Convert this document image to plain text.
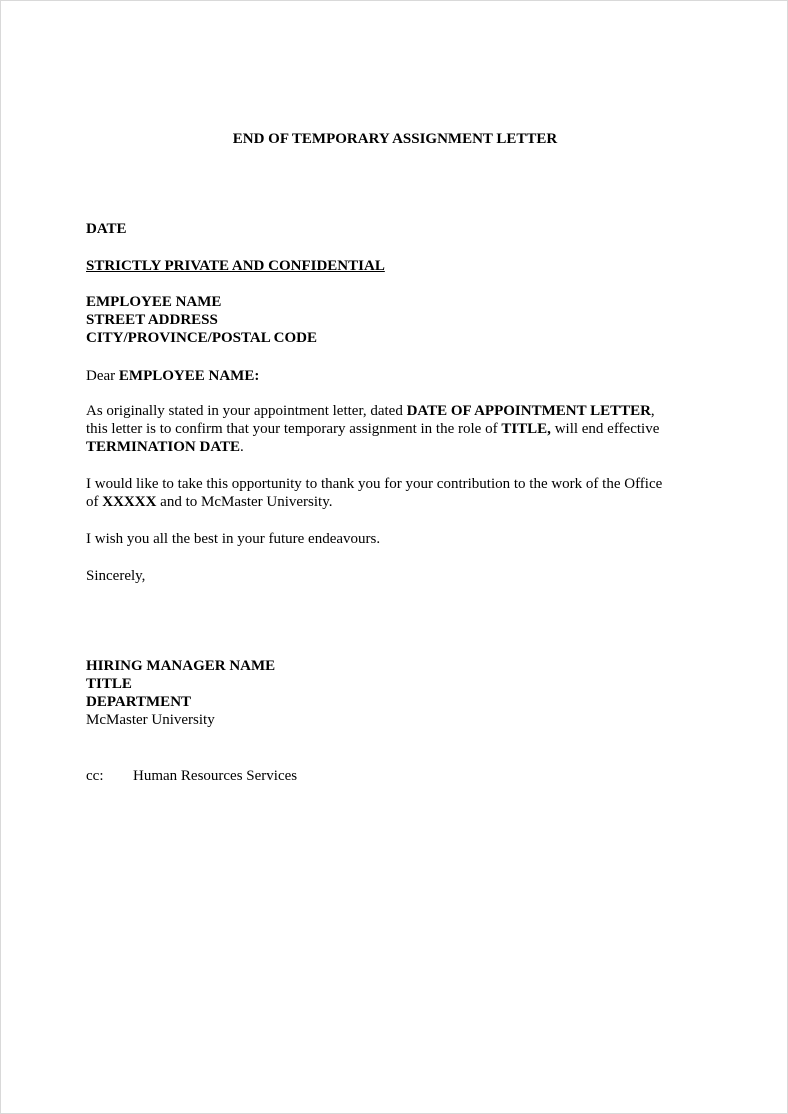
END OF TEMPORARY ASSIGNMENT LETTER
DATE
STRICTLY PRIVATE AND CONFIDENTIAL
EMPLOYEE NAME
STREET ADDRESS
CITY/PROVINCE/POSTAL CODE
Dear EMPLOYEE NAME:
As originally stated in your appointment letter, dated DATE OF APPOINTMENT LETTER,
this letter is to confirm that your temporary assignment in the role of TITLE, will end effective
TERMINATION DATE.
I would like to take this opportunity to thank you for your contribution to the work of the Office
of XXXXX and to McMaster University.
I wish you all the best in your future endeavours.
Sincerely,
HIRING MANAGER NAME
TITLE
DEPARTMENT
McMaster University
cc: Human Resources Services
